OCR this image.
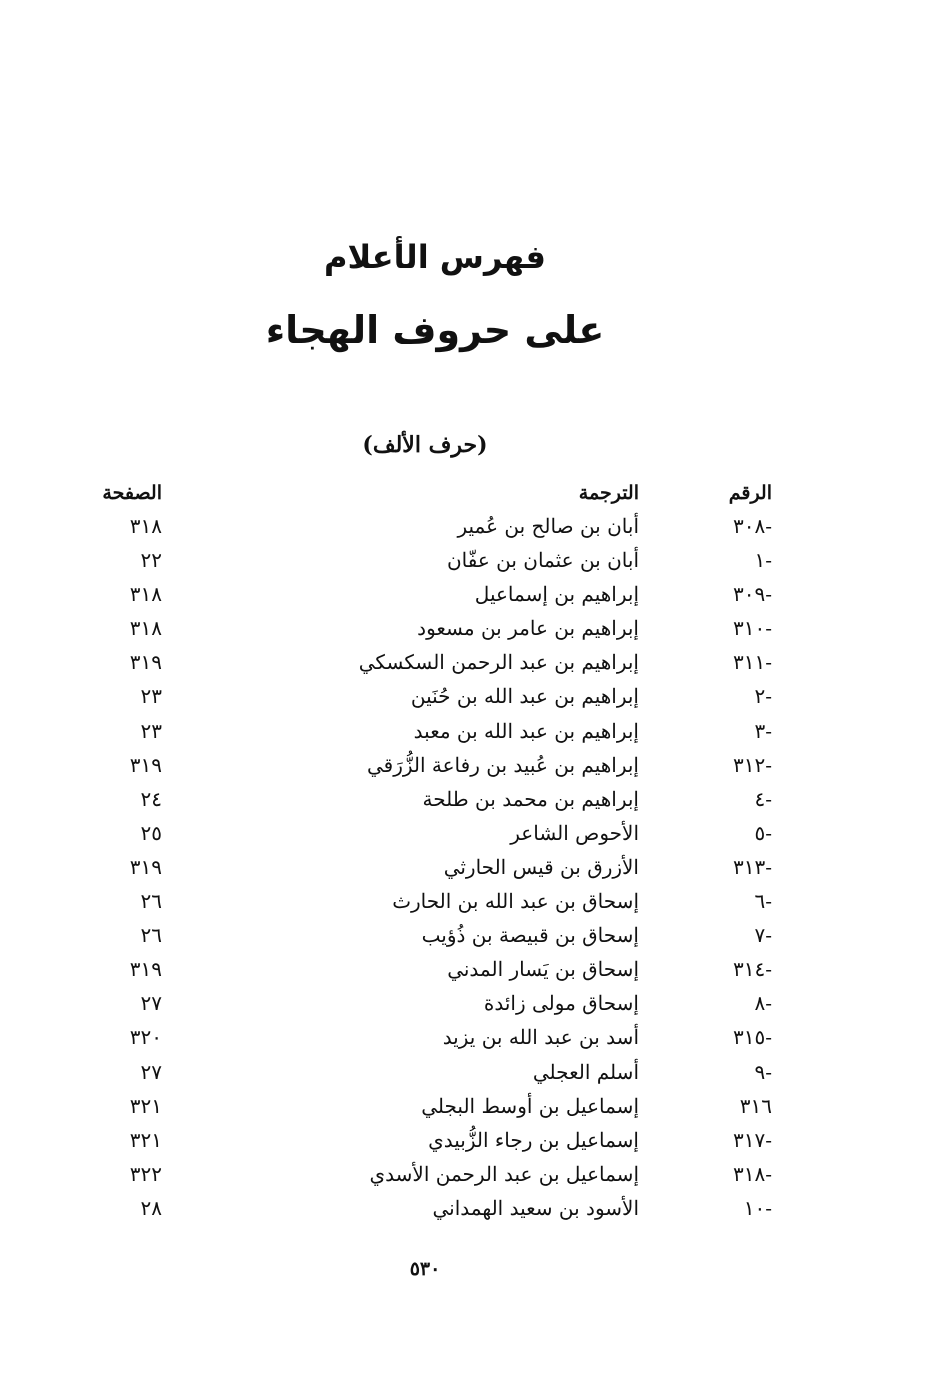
فهرس الأعلام
على حروف الهجاء
(حرف الألف)
الرقم
الترجمة
الصفحة
-٣٠٨
أبان بن صالح بن عُمير
٣١٨
-١
أبان بن عثمان بن عفّان
٢٢
-٣٠٩
إبراهيم بن إسماعيل
٣١٨
-٣١٠
إبراهيم بن عامر بن مسعود
٣١٨
-٣١١
إبراهيم بن عبد الرحمن السكسكي
٣١٩
-٢
إبراهيم بن عبد الله بن حُنَين
٢٣
-٣
إبراهيم بن عبد الله بن معبد
٢٣
-٣١٢
إبراهيم بن عُبيد بن رفاعة الزُّرَقي
٣١٩
-٤
إبراهيم بن محمد بن طلحة
٢٤
-٥
الأحوص الشاعر
٢٥
-٣١٣
الأزرق بن قيس الحارثي
٣١٩
-٦
إسحاق بن عبد الله بن الحارث
٢٦
-٧
إسحاق بن قبيصة بن ذُؤيب
٢٦
-٣١٤
إسحاق بن يَسار المدني
٣١٩
-٨
إسحاق مولى زائدة
٢٧
-٣١٥
أسد بن عبد الله بن يزيد
٣٢٠
-٩
أسلم العجلي
٢٧
٣١٦
إسماعيل بن أوسط البجلي
٣٢١
-٣١٧
إسماعيل بن رجاء الزُّبيدي
٣٢١
-٣١٨
إسماعيل بن عبد الرحمن الأسدي
٣٢٢
-١٠
الأسود بن سعيد الهمداني
٢٨
٥٣٠
